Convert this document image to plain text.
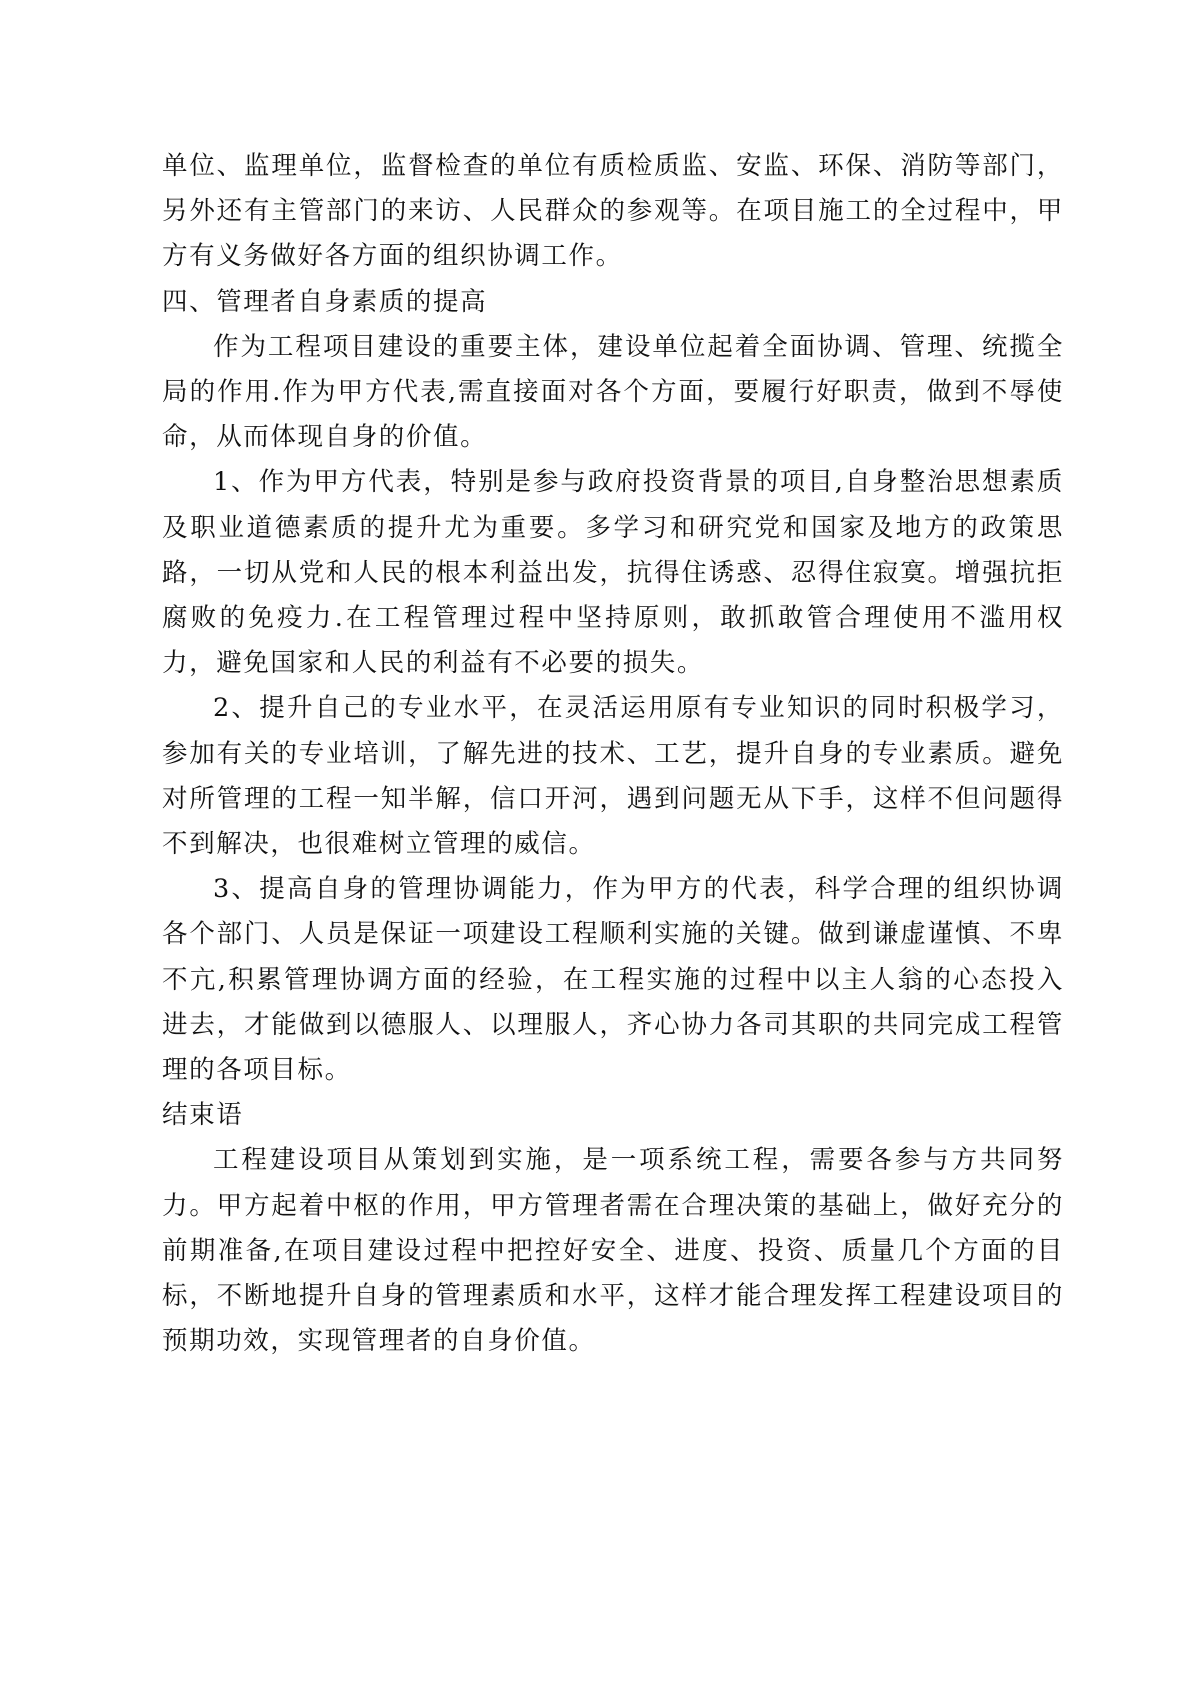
单位、监理单位，监督检查的单位有质检质监、安监、环保、消防等部门，另外还有主管部门的来访、人民群众的参观等。在项目施工的全过程中，甲方有义务做好各方面的组织协调工作。

四、管理者自身素质的提高

作为工程项目建设的重要主体，建设单位起着全面协调、管理、统揽全局的作用.作为甲方代表,需直接面对各个方面，要履行好职责，做到不辱使命，从而体现自身的价值。

1、作为甲方代表，特别是参与政府投资背景的项目,自身整治思想素质及职业道德素质的提升尤为重要。多学习和研究党和国家及地方的政策思路，一切从党和人民的根本利益出发，抗得住诱惑、忍得住寂寞。增强抗拒腐败的免疫力.在工程管理过程中坚持原则，敢抓敢管合理使用不滥用权力，避免国家和人民的利益有不必要的损失。

2、提升自己的专业水平，在灵活运用原有专业知识的同时积极学习，参加有关的专业培训，了解先进的技术、工艺，提升自身的专业素质。避免对所管理的工程一知半解，信口开河，遇到问题无从下手，这样不但问题得不到解决，也很难树立管理的威信。

3、提高自身的管理协调能力，作为甲方的代表，科学合理的组织协调各个部门、人员是保证一项建设工程顺利实施的关键。做到谦虚谨慎、不卑不亢,积累管理协调方面的经验，在工程实施的过程中以主人翁的心态投入进去，才能做到以德服人、以理服人，齐心协力各司其职的共同完成工程管理的各项目标。

结束语

工程建设项目从策划到实施，是一项系统工程，需要各参与方共同努力。甲方起着中枢的作用，甲方管理者需在合理决策的基础上，做好充分的前期准备,在项目建设过程中把控好安全、进度、投资、质量几个方面的目标，不断地提升自身的管理素质和水平，这样才能合理发挥工程建设项目的预期功效，实现管理者的自身价值。
